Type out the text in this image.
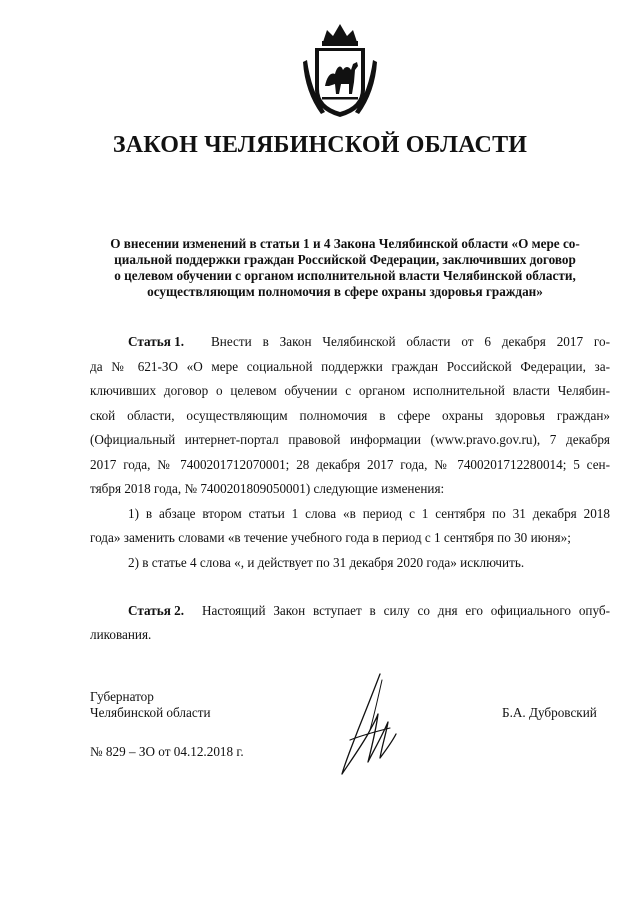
ЗАКОН ЧЕЛЯБИНСКОЙ ОБЛАСТИ
О внесении изменений в статьи 1 и 4 Закона Челябинской области «О мере со-
циальной поддержки граждан Российской Федерации, заключивших договор
о целевом обучении с органом исполнительной власти Челябинской области,
осуществляющим полномочия в сфере охраны здоровья граждан»
Статья 1. Внести в Закон Челябинской области от 6 декабря 2017 го-
да № 621-ЗО «О мере социальной поддержки граждан Российской Федерации, за-
ключивших договор о целевом обучении с органом исполнительной власти Челябин-
ской области, осуществляющим полномочия в сфере охраны здоровья граждан»
(Официальный интернет-портал правовой информации (www.pravo.gov.ru), 7 декабря
2017 года, № 7400201712070001; 28 декабря 2017 года, № 7400201712280014; 5 сен-
тября 2018 года, № 7400201809050001) следующие изменения:
1) в абзаце втором статьи 1 слова «в период с 1 сентября по 31 декабря 2018
года» заменить словами «в течение учебного года в период с 1 сентября по 30 июня»;
2) в статье 4 слова «, и действует по 31 декабря 2020 года» исключить.
Статья 2. Настоящий Закон вступает в силу со дня его официального опуб-
ликования.
Губернатор
Челябинской области	Б.А. Дубровский
№ 829 – ЗО от 04.12.2018 г.
